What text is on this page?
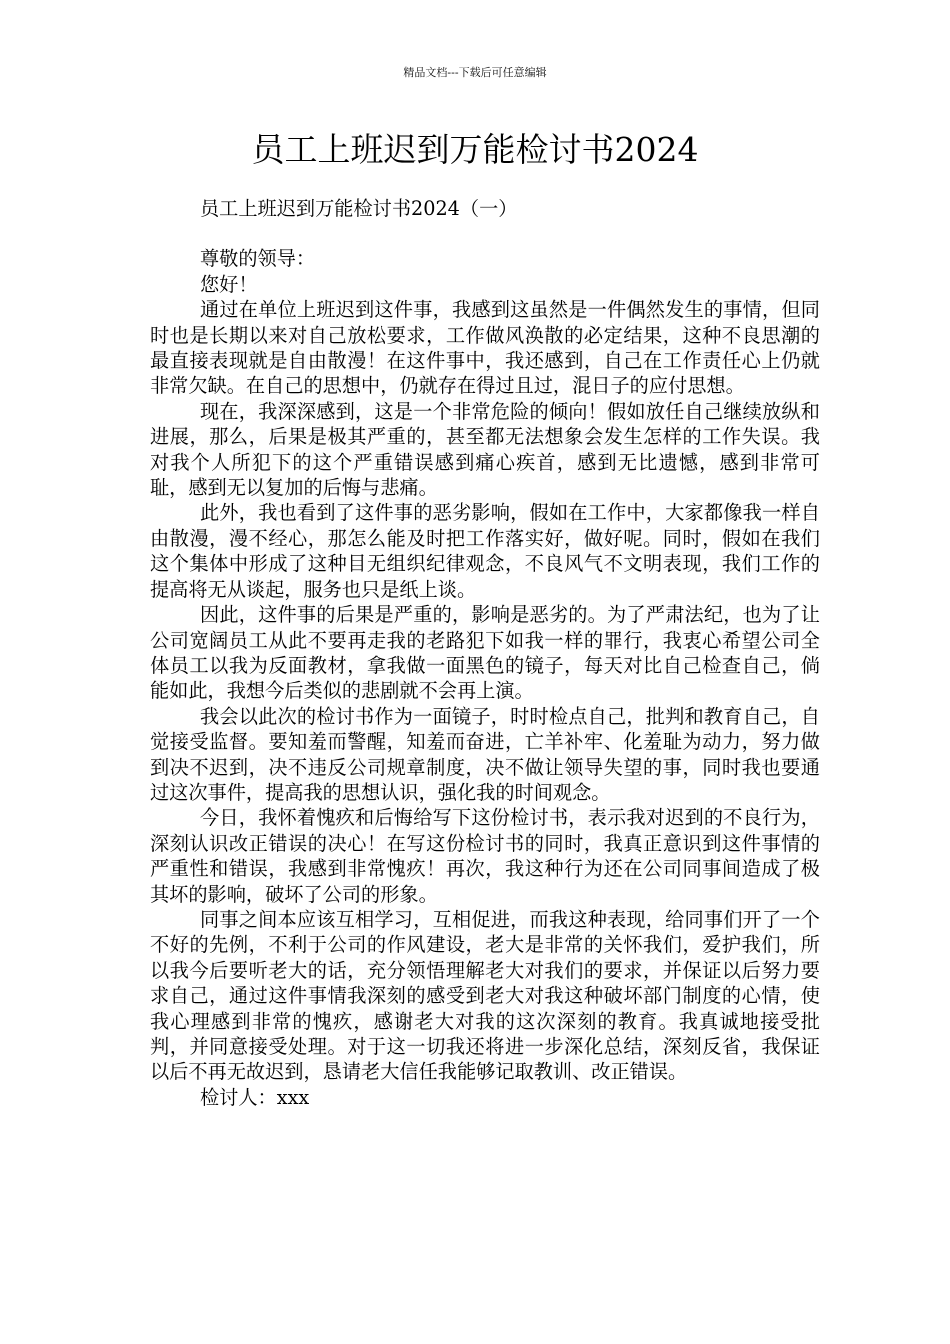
精品文档---下载后可任意编辑
员工上班迟到万能检讨书2024

员工上班迟到万能检讨书2024（一）

尊敬的领导：

您好！

通过在单位上班迟到这件事，我感到这虽然是一件偶然发生的事情，但同时也是长期以来对自己放松要求，工作做风涣散的必定结果，这种不良思潮的最直接表现就是自由散漫！在这件事中，我还感到，自己在工作责任心上仍就非常欠缺。在自己的思想中，仍就存在得过且过，混日子的应付思想。

现在，我深深感到，这是一个非常危险的倾向！假如放任自己继续放纵和进展，那么，后果是极其严重的，甚至都无法想象会发生怎样的工作失误。我对我个人所犯下的这个严重错误感到痛心疾首，感到无比遗憾，感到非常可耻，感到无以复加的后悔与悲痛。

此外，我也看到了这件事的恶劣影响，假如在工作中，大家都像我一样自由散漫，漫不经心，那怎么能及时把工作落实好，做好呢。同时，假如在我们这个集体中形成了这种目无组织纪律观念，不良风气不文明表现，我们工作的提高将无从谈起，服务也只是纸上谈。

因此，这件事的后果是严重的，影响是恶劣的。为了严肃法纪，也为了让公司宽阔员工从此不要再走我的老路犯下如我一样的罪行，我衷心希望公司全体员工以我为反面教材，拿我做一面黑色的镜子，每天对比自己检查自己，倘能如此，我想今后类似的悲剧就不会再上演。

我会以此次的检讨书作为一面镜子，时时检点自己，批判和教育自己，自觉接受监督。要知羞而警醒，知羞而奋进，亡羊补牢、化羞耻为动力，努力做到决不迟到，决不违反公司规章制度，决不做让领导失望的事，同时我也要通过这次事件，提高我的思想认识，强化我的时间观念。

今日，我怀着愧疚和后悔给写下这份检讨书，表示我对迟到的不良行为，深刻认识改正错误的决心！在写这份检讨书的同时，我真正意识到这件事情的严重性和错误，我感到非常愧疚！再次，我这种行为还在公司同事间造成了极其坏的影响，破坏了公司的形象。

同事之间本应该互相学习，互相促进，而我这种表现，给同事们开了一个不好的先例，不利于公司的作风建设，老大是非常的关怀我们，爱护我们，所以我今后要听老大的话，充分领悟理解老大对我们的要求，并保证以后努力要求自己，通过这件事情我深刻的感受到老大对我这种破坏部门制度的心情，使我心理感到非常的愧疚，感谢老大对我的这次深刻的教育。我真诚地接受批判，并同意接受处理。对于这一切我还将进一步深化总结，深刻反省，我保证以后不再无故迟到，恳请老大信任我能够记取教训、改正错误。

检讨人：xxx
